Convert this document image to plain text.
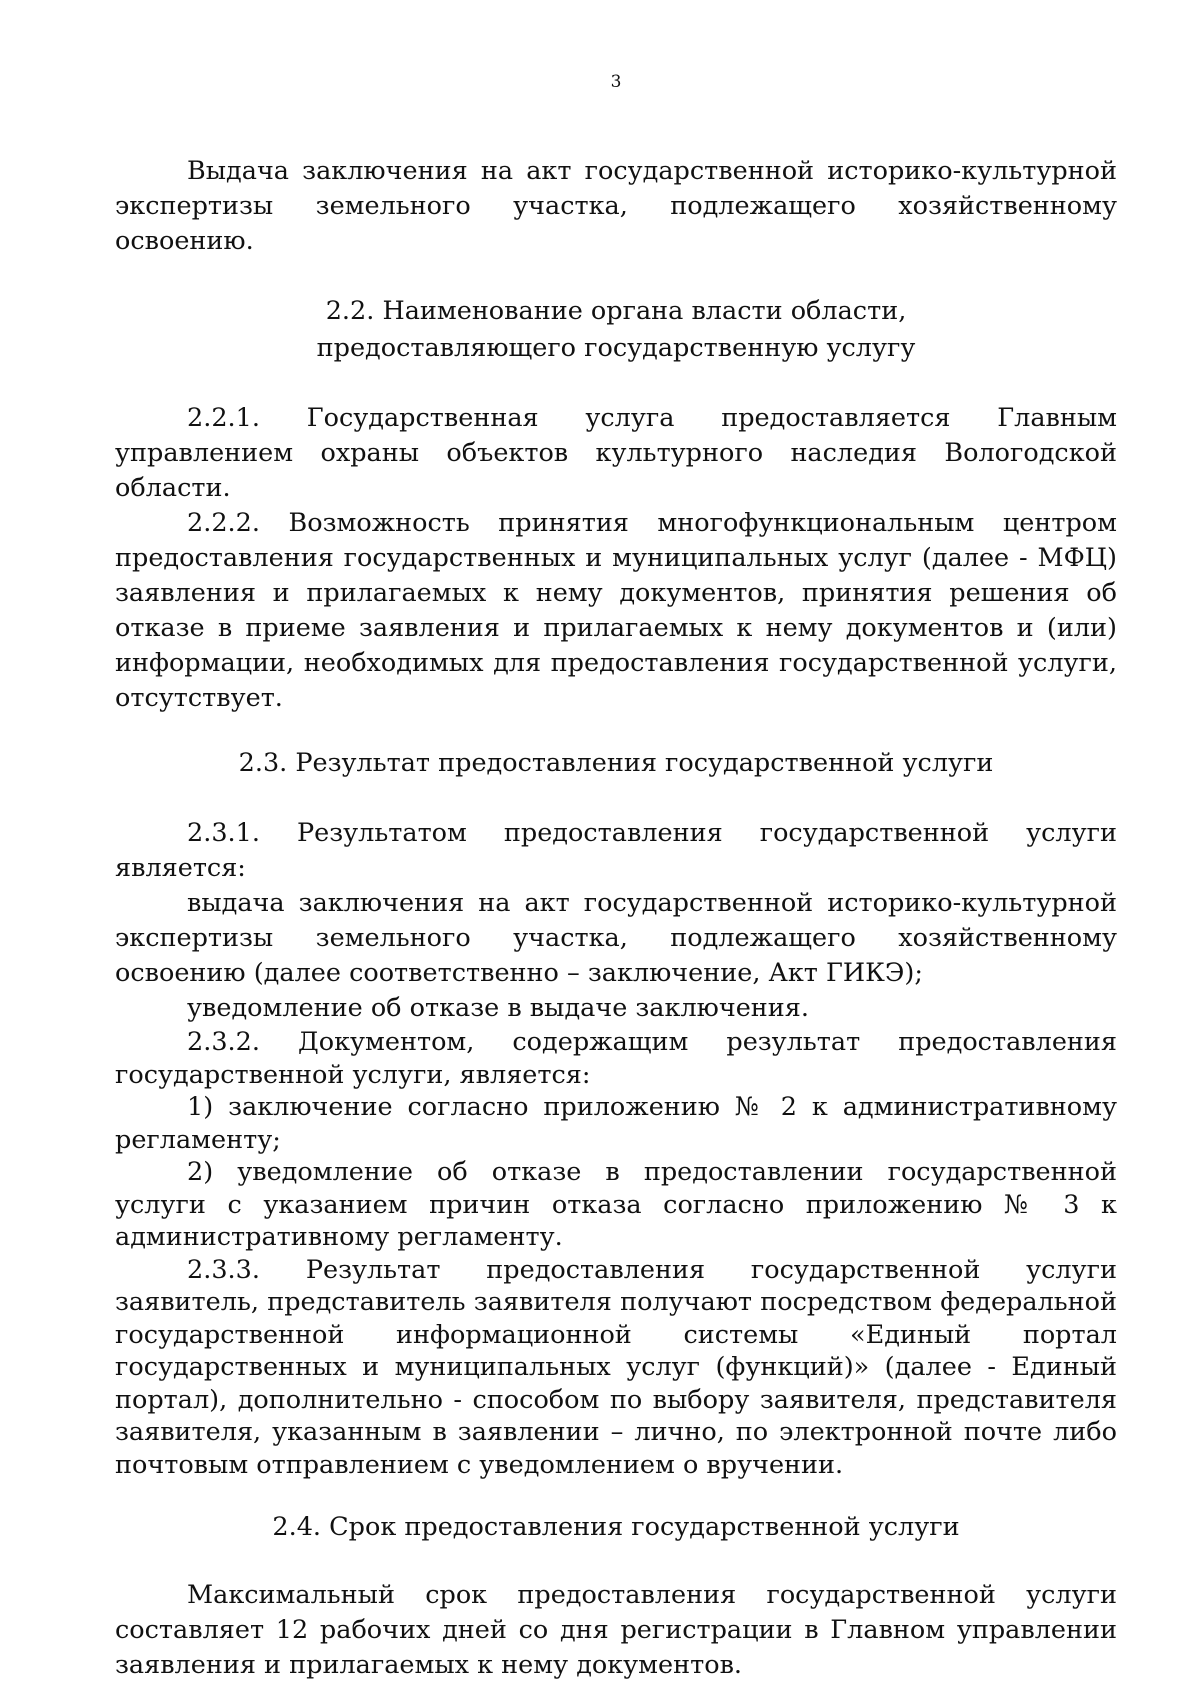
3

Выдача заключения на акт государственной историко-культурной экспертизы земельного участка, подлежащего хозяйственному освоению.

2.2. Наименование органа власти области,

предоставляющего государственную услугу

2.2.1. Государственная услуга предоставляется Главным управлением охраны объектов культурного наследия Вологодской области.

2.2.2. Возможность принятия многофункциональным центром предоставления государственных и муниципальных услуг (далее - МФЦ) заявления и прилагаемых к нему документов, принятия решения об отказе в приеме заявления и прилагаемых к нему документов и (или) информации, необходимых для предоставления государственной услуги, отсутствует.

2.3. Результат предоставления государственной услуги

2.3.1. Результатом предоставления государственной услуги является:

выдача заключения на акт государственной историко-культурной экспертизы земельного участка, подлежащего хозяйственному освоению (далее соответственно – заключение, Акт ГИКЭ);

уведомление об отказе в выдаче заключения.

2.3.2. Документом, содержащим результат предоставления государственной услуги, является:

1) заключение согласно приложению № 2 к административному регламенту;

2) уведомление об отказе в предоставлении государственной услуги с указанием причин отказа согласно приложению № 3 к административному регламенту.

2.3.3. Результат предоставления государственной услуги заявитель, представитель заявителя получают посредством федеральной государственной информационной системы «Единый портал государственных и муниципальных услуг (функций)» (далее - Единый портал), дополнительно - способом по выбору заявителя, представителя заявителя, указанным в заявлении – лично, по электронной почте либо почтовым отправлением с уведомлением о вручении.

2.4. Срок предоставления государственной услуги

Максимальный срок предоставления государственной услуги составляет 12 рабочих дней со дня регистрации в Главном управлении заявления и прилагаемых к нему документов.
